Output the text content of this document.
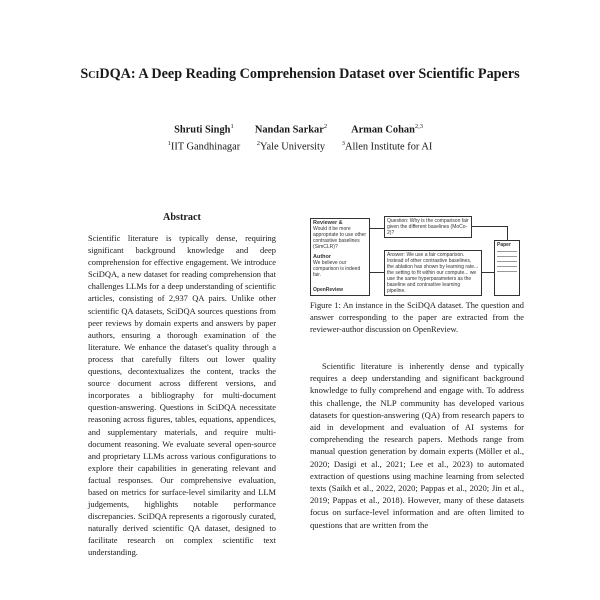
SciDQA: A Deep Reading Comprehension Dataset over Scientific Papers
Shruti Singh$^1$
$^1$IIT Gandhinagar

Nandan Sarkar$^2$
$^2$Yale University

Arman Cohan$^{2,3}$
$^3$Allen Institute for AI
Abstract
Scientific literature is typically dense, requiring significant background knowledge and deep comprehension for effective engagement. We introduce SciDQA, a new dataset for reading comprehension that challenges LLMs for a deep understanding of scientific articles, consisting of 2,937 QA pairs. Unlike other scientific QA datasets, SciDQA sources questions from peer reviews by domain experts and answers by paper authors, ensuring a thorough examination of the literature. We enhance the dataset's quality through a process that carefully filters out lower quality questions, decontextualizes the content, tracks the source document across different versions, and incorporates a bibliography for multi-document question-answering. Questions in SciDQA necessitate reasoning across figures, tables, equations, appendices, and supplementary materials, and require multi-document reasoning. We evaluate several open-source and proprietary LLMs across various configurations to explore their capabilities in generating relevant and factual responses. Our comprehensive evaluation, based on metrics for surface-level similarity and LLM judgements, highlights notable performance discrepancies. SciDQA represents a rigorously curated, naturally derived scientific QA dataset, designed to facilitate research on complex scientific text understanding.
Reviewer &
Would it be more appropriate to use other contrastive baselines (SimCLR)?
Author
We believe our comparison is indeed fair.
OpenReview
Question: Why is the comparison fair given the different baselines (MoCo-2)?
Answer: We use a fair comparison. Instead of other contrastive baselines, the ablation has shown by learning rate... the setting to fit within our compute... we use the same hyperparameters as the baseline and contrastive learning pipeline.
Paper
Figure 1: An instance in the SciDQA dataset. The question and answer corresponding to the paper are extracted from the reviewer-author discussion on OpenReview.

Scientific literature is inherently dense and typically requires a deep understanding and significant background knowledge to fully comprehend and engage with. To address this challenge, the NLP community has developed various datasets for question-answering (QA) from research papers to aid in development and evaluation of AI systems for comprehending the research papers. Methods range from manual question generation by domain experts (Möller et al., 2020; Dasigi et al., 2021; Lee et al., 2023) to automated extraction of questions using machine learning from selected texts (Saikh et al., 2022, 2020; Pappas et al., 2020; Jin et al., 2019; Pappas et al., 2018). However, many of these datasets focus on surface-level information and are often limited to questions that are written from the
